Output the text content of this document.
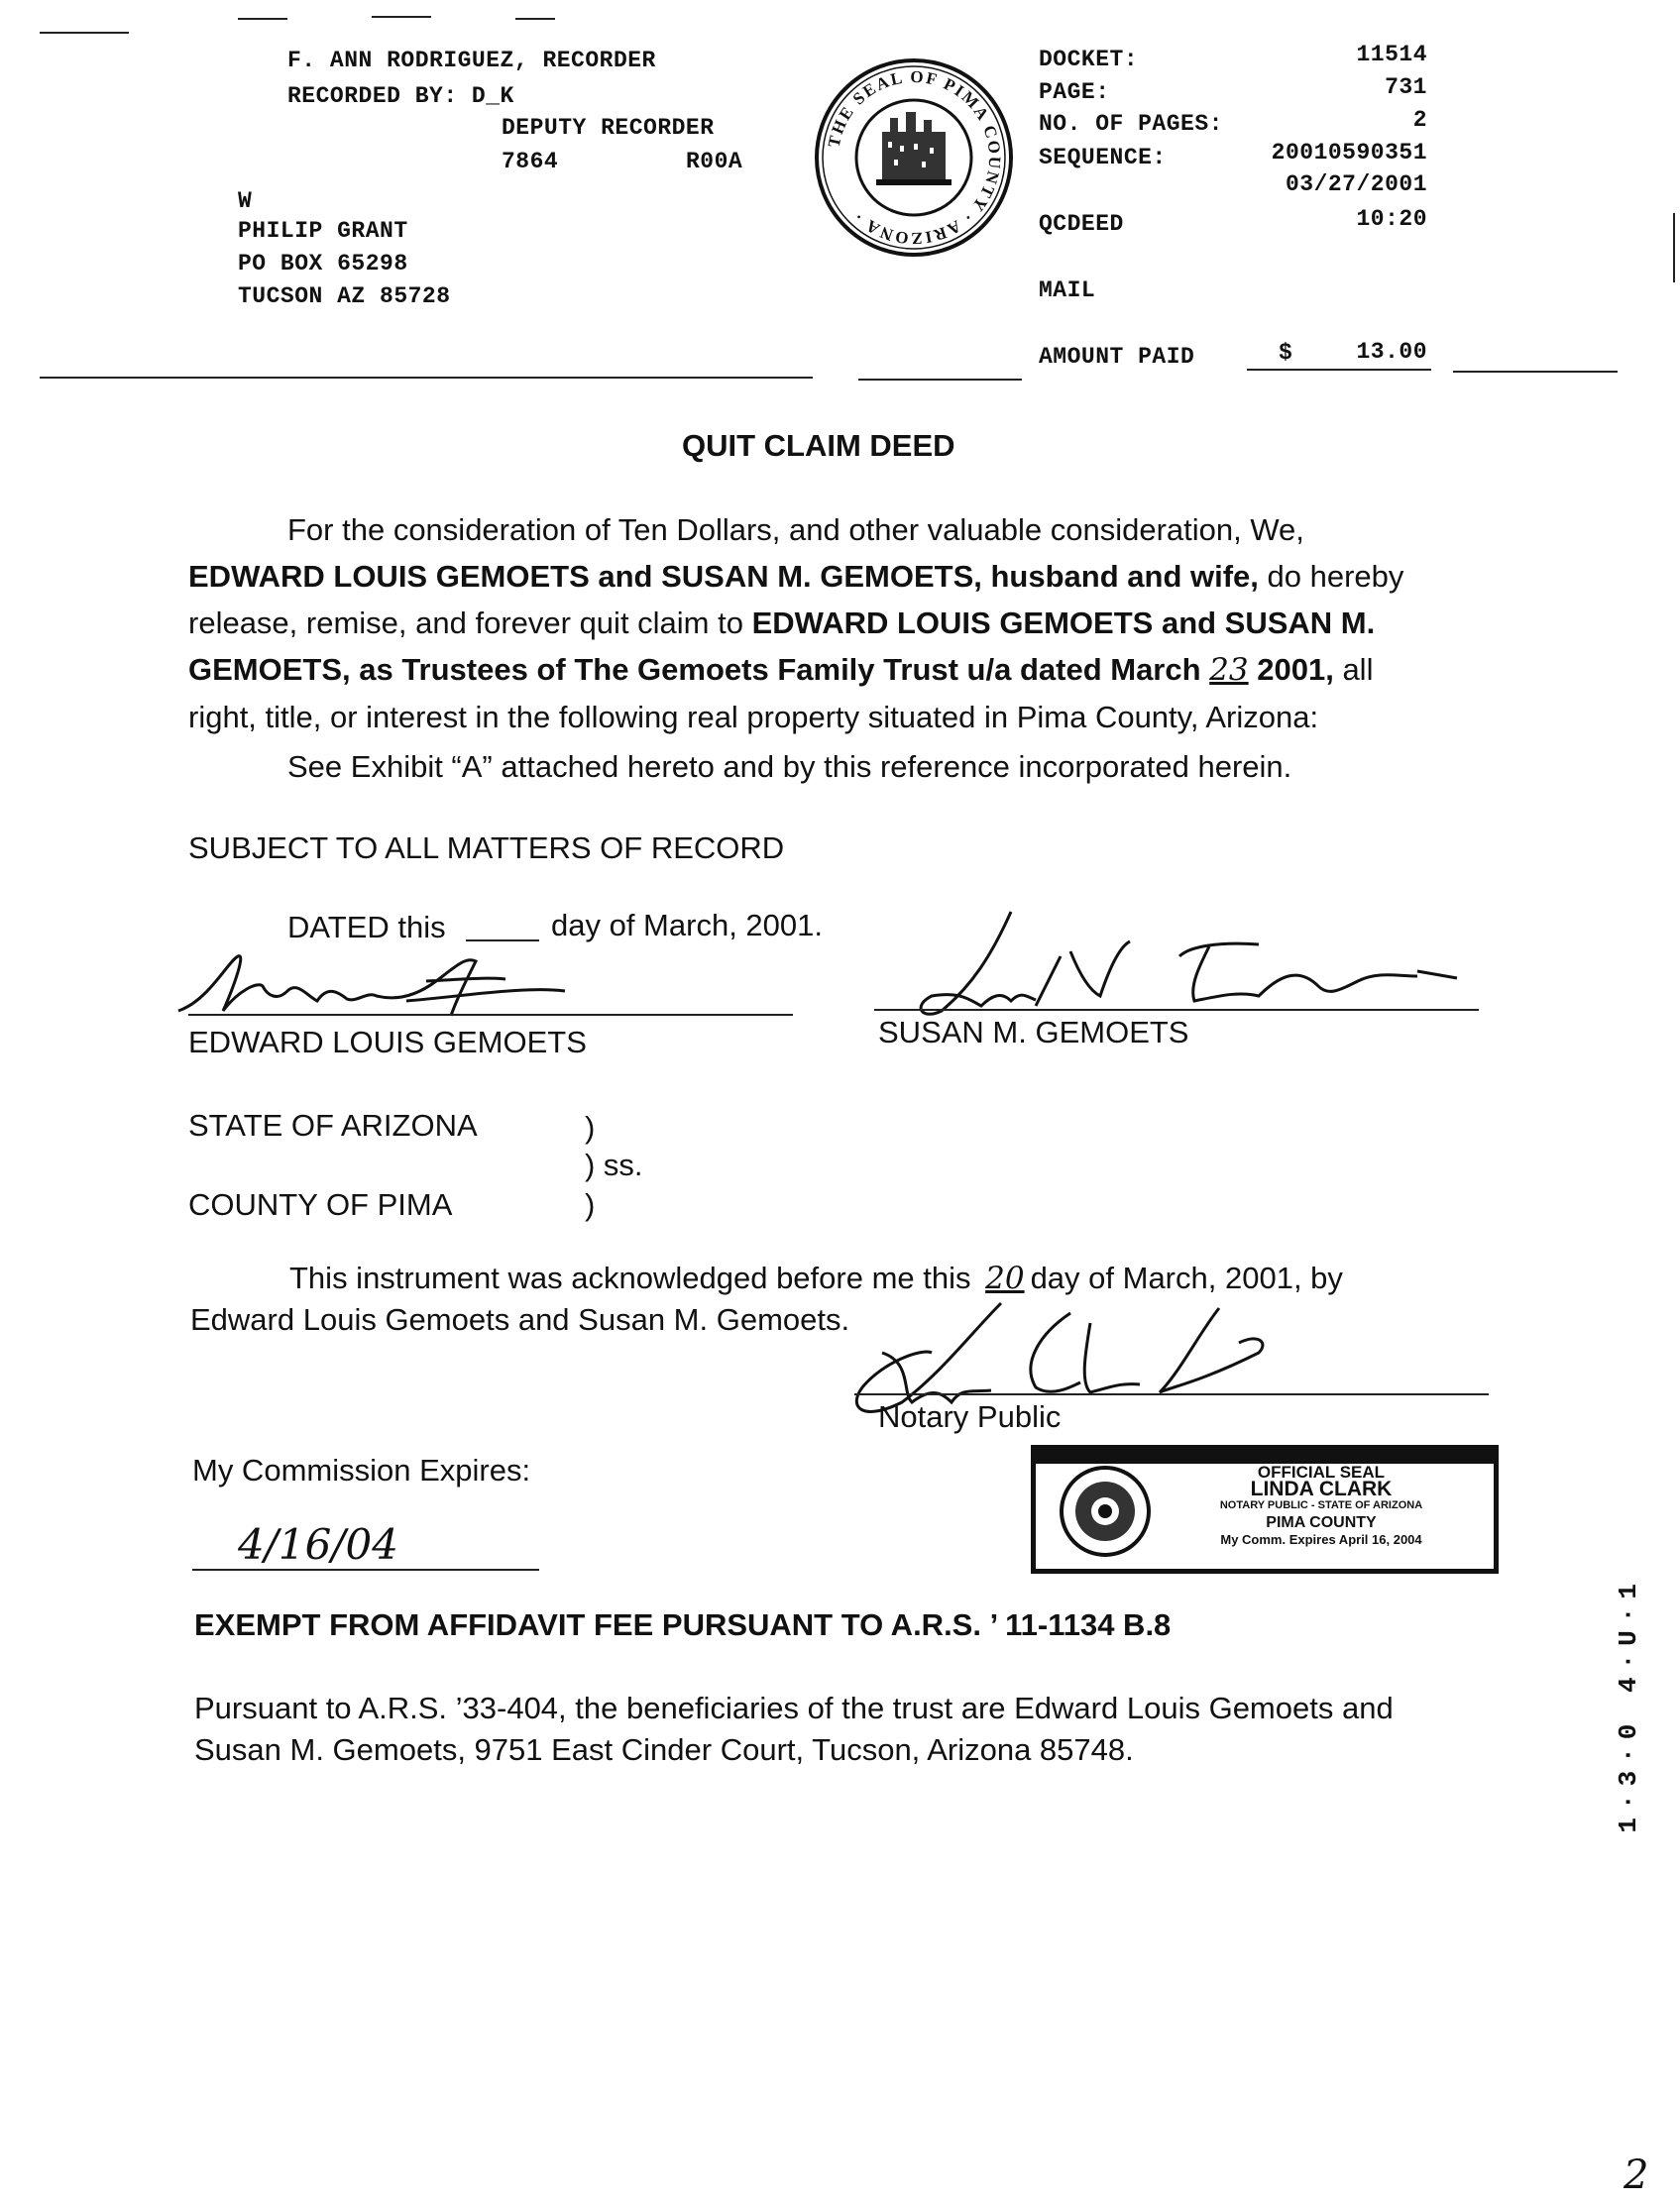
F. ANN RODRIGUEZ, RECORDER
RECORDED BY: D_K
DEPUTY RECORDER
7864	R00A
W
PHILIP GRANT
PO BOX 65298
TUCSON AZ 85728
THE SEAL OF PIMA COUNTY · ARIZONA ·
DOCKET:	11514
PAGE:	731
NO. OF PAGES:	2
SEQUENCE:	20010590351
03/27/2001
QCDEED	10:20
MAIL
AMOUNT PAID	$	13.00
QUIT CLAIM DEED
For the consideration of Ten Dollars, and other valuable consideration, We,
EDWARD LOUIS GEMOETS and SUSAN M. GEMOETS, husband and wife, do hereby
release, remise, and forever quit claim to EDWARD LOUIS GEMOETS and SUSAN M.
GEMOETS, as Trustees of The Gemoets Family Trust u/a dated March 23 2001, all
right, title, or interest in the following real property situated in Pima County, Arizona:
See Exhibit “A” attached hereto and by this reference incorporated herein.
SUBJECT TO ALL MATTERS OF RECORD
DATED this	day of March, 2001.
EDWARD LOUIS GEMOETS	SUSAN M. GEMOETS
STATE OF ARIZONA	)
) ss.
COUNTY OF PIMA	)
This instrument was acknowledged before me this 20 day of March, 2001, by
Edward Louis Gemoets and Susan M. Gemoets.
Notary Public
My Commission Expires:
4/16/04
OFFICIAL SEAL
LINDA CLARK
NOTARY PUBLIC - STATE OF ARIZONA
PIMA COUNTY
My Comm. Expires April 16, 2004
EXEMPT FROM AFFIDAVIT FEE PURSUANT TO A.R.S. ’ 11-1134 B.8
Pursuant to A.R.S. ’33-404, the beneficiaries of the trust are Edward Louis Gemoets and
Susan M. Gemoets, 9751 East Cinder Court, Tucson, Arizona 85748.	1·3·0 4·U·1
2
